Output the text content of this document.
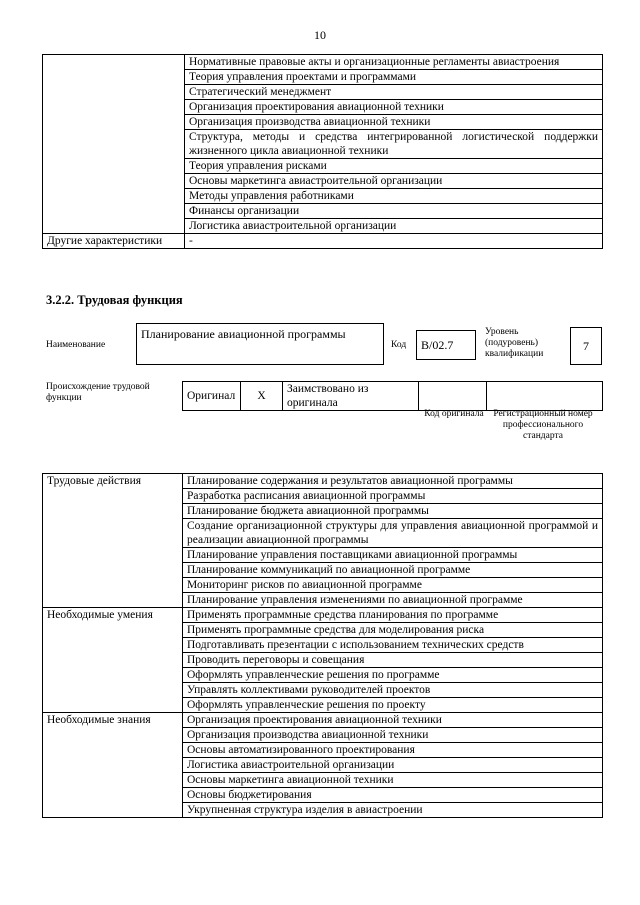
10
	Нормативные правовые акты и организационные регламенты авиастроения
	Теория управления проектами и программами
	Стратегический менеджмент
	Организация проектирования авиационной техники
	Организация производства авиационной техники
	Структура, методы и средства интегрированной логистической поддержки жизненного цикла авиационной техники
	Теория управления рисками
	Основы маркетинга авиастроительной организации
	Методы управления работниками
	Финансы организации
	Логистика авиастроительной организации
Другие характеристики	-
3.2.2. Трудовая функция
Наименование
Планирование авиационной программы
Код	B/02.7
Уровень (подуровень) квалификации
7
Происхождение трудовой функции	Оригинал	X	Заимствовано из оригинала		
Код оригинала	Регистрационный номер профессионального стандарта
Трудовые действия	Планирование содержания и результатов авиационной программы
	Разработка расписания авиационной программы
	Планирование бюджета авиационной программы
	Создание организационной структуры для управления авиационной программой и реализации авиационной программы
	Планирование управления поставщиками авиационной программы
	Планирование коммуникаций по авиационной программе
	Мониторинг рисков по авиационной программе
	Планирование управления изменениями по авиационной программе
Необходимые умения	Применять программные средства планирования по программе
	Применять программные средства для моделирования риска
	Подготавливать презентации с использованием технических средств
	Проводить переговоры и совещания
	Оформлять управленческие решения по программе
	Управлять коллективами руководителей проектов
	Оформлять управленческие решения по проекту
Необходимые знания	Организация проектирования авиационной техники
	Организация производства авиационной техники
	Основы автоматизированного проектирования
	Логистика авиастроительной организации
	Основы маркетинга авиационной техники
	Основы бюджетирования
	Укрупненная структура изделия в авиастроении
